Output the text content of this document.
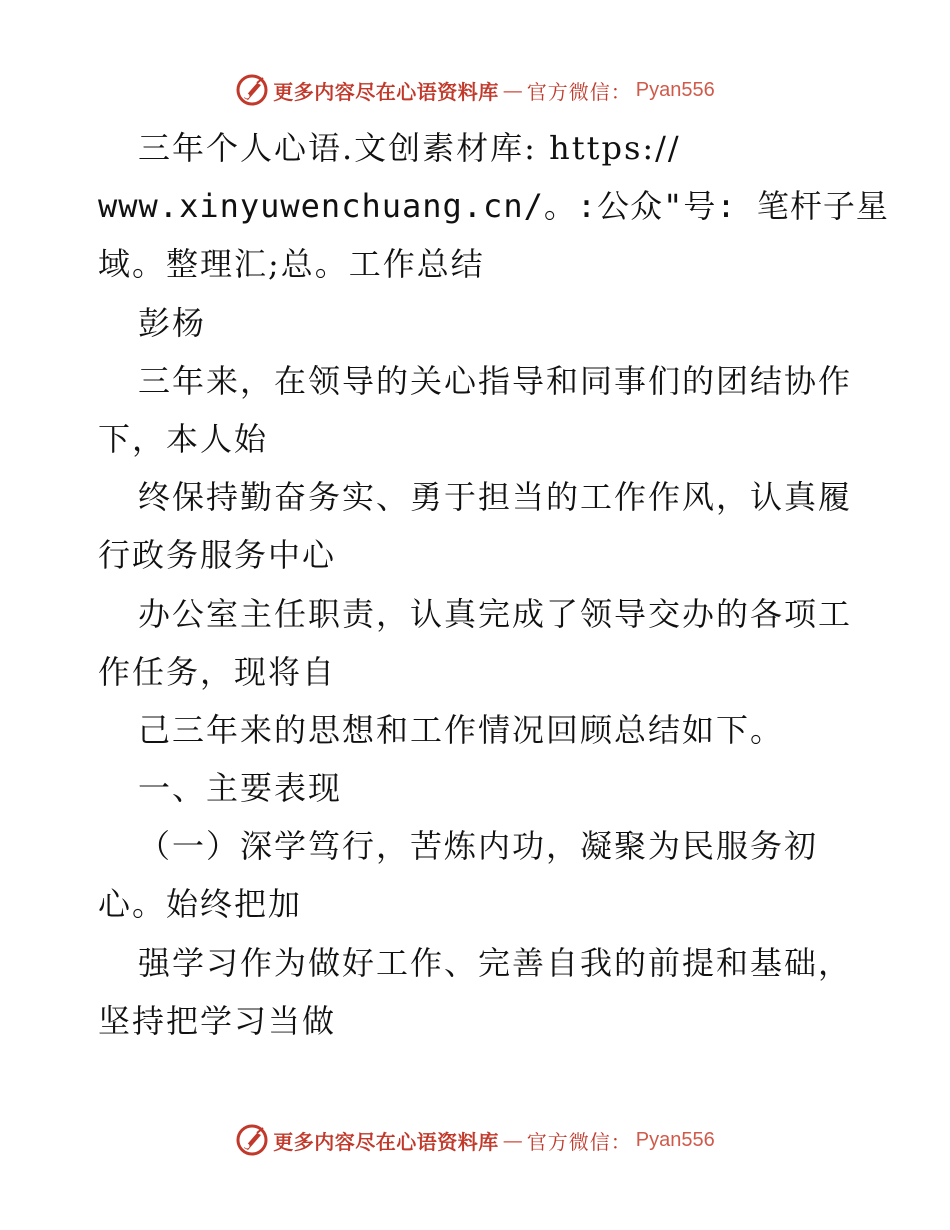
更多内容尽在心语资料库 — 官方微信： Pyan556
三年个人心语.文创素材库: https://
www.xinyuwenchuang.cn/。:公众"号: 笔杆子星
域。整理汇;总。工作总结
彭杨
三年来，在领导的关心指导和同事们的团结协作
下，本人始
终保持勤奋务实、勇于担当的工作作风，认真履
行政务服务中心
办公室主任职责，认真完成了领导交办的各项工
作任务，现将自
己三年来的思想和工作情况回顾总结如下。
一、主要表现
（一）深学笃行，苦炼内功，凝聚为民服务初
心。始终把加
强学习作为做好工作、完善自我的前提和基础，
坚持把学习当做
更多内容尽在心语资料库 — 官方微信： Pyan556
